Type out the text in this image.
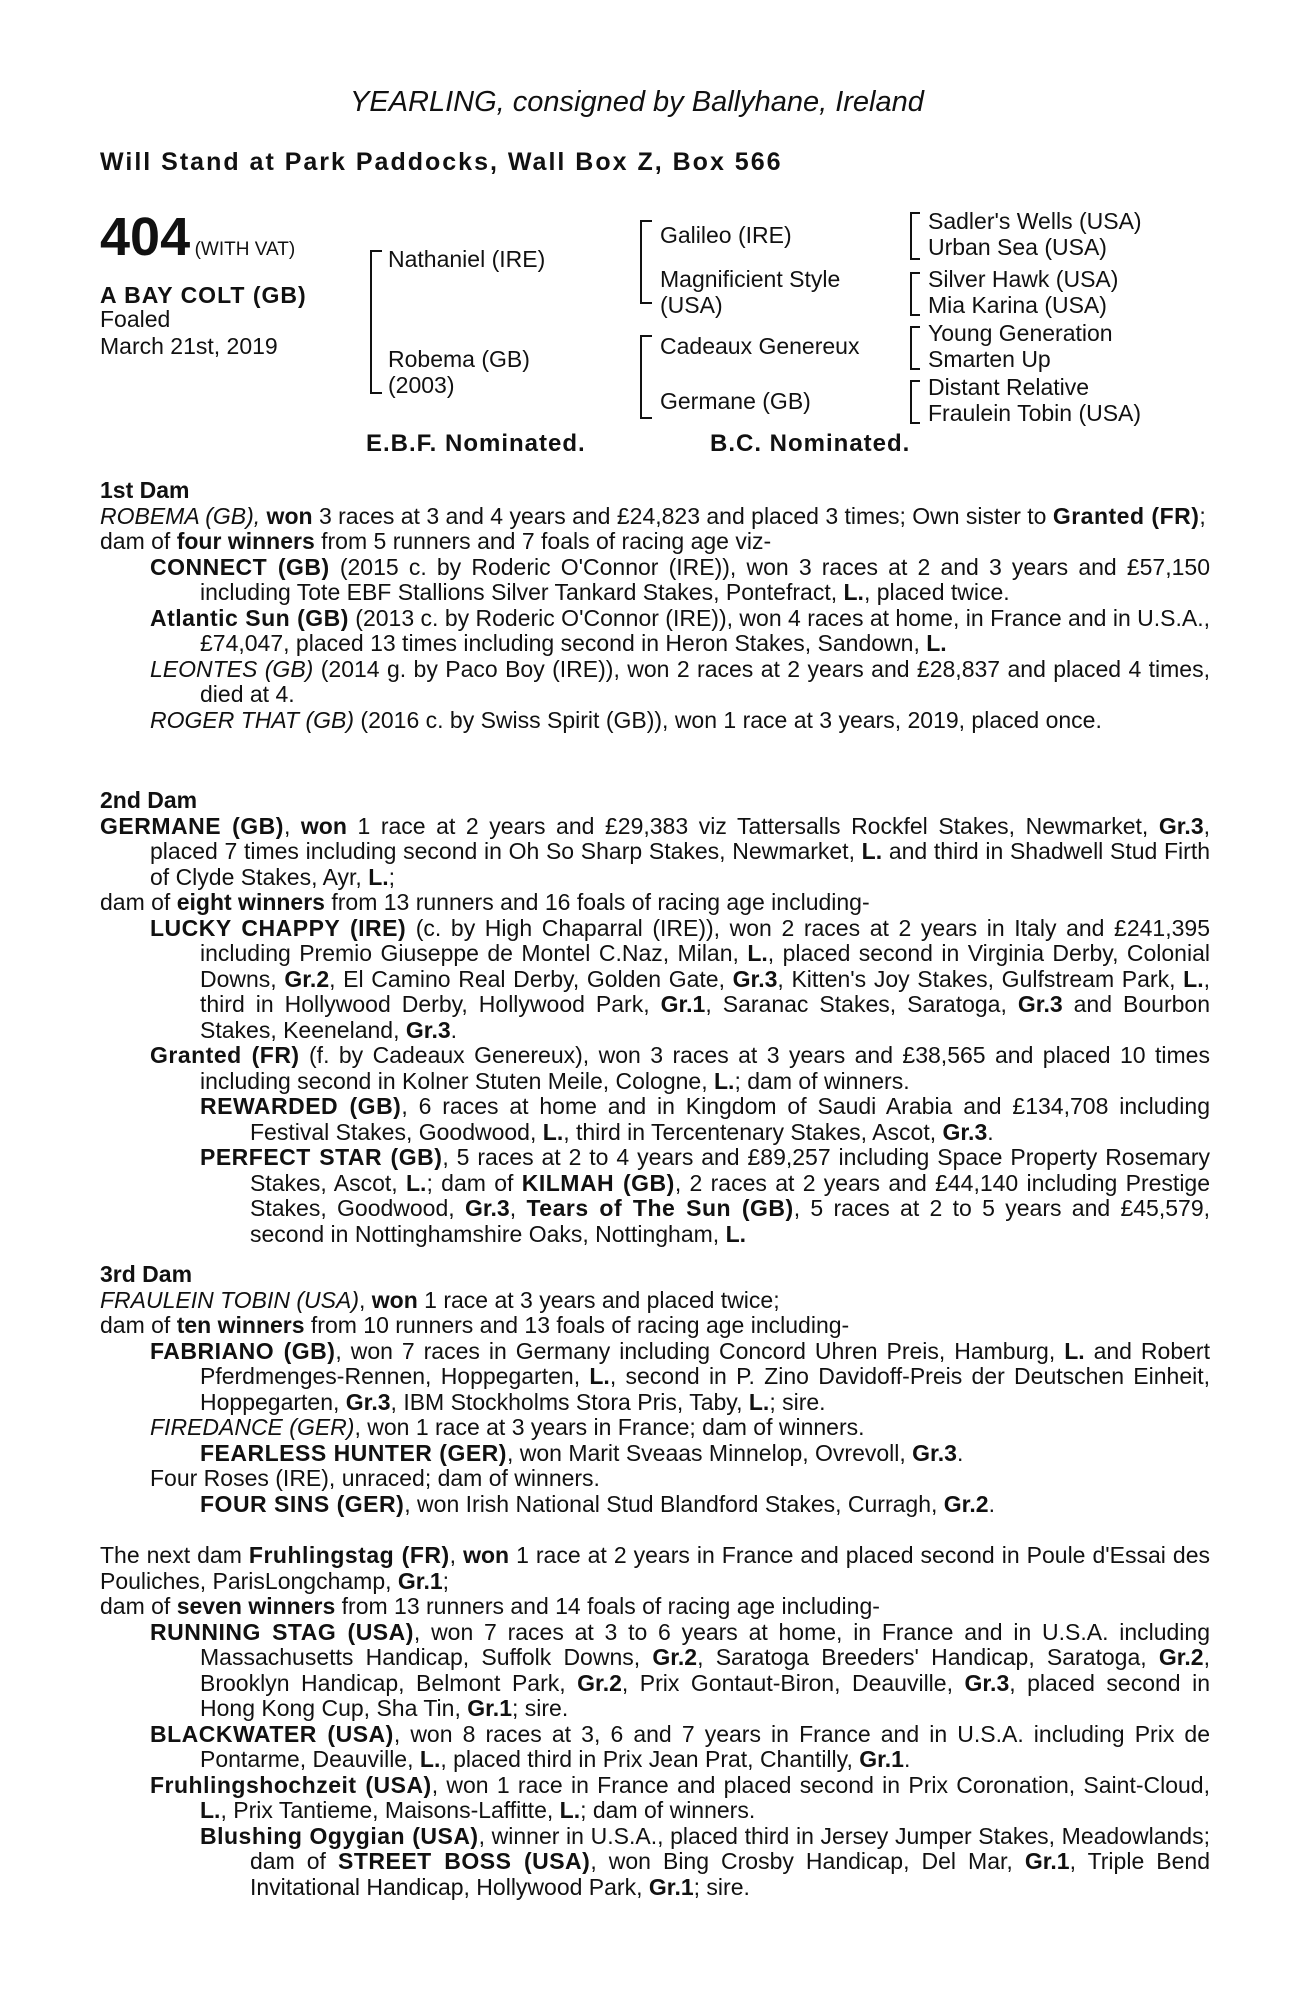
YEARLING, consigned by Ballyhane, Ireland
Will Stand at Park Paddocks, Wall Box Z, Box 566
404 (WITH VAT)
A BAY COLT (GB)
Foaled
March 21st, 2019
Nathaniel (IRE)
Robema (GB)
(2003)
Galileo (IRE)
Magnificient Style
(USA)
Cadeaux Genereux
Germane (GB)
Sadler's Wells (USA)
Urban Sea (USA)
Silver Hawk (USA)
Mia Karina (USA)
Young Generation
Smarten Up
Distant Relative
Fraulein Tobin (USA)
E.B.F. Nominated.	B.C. Nominated.
1st Dam

ROBEMA (GB), won 3 races at 3 and 4 years and £24,823 and placed 3 times; Own sister to Granted (FR);

dam of four winners from 5 runners and 7 foals of racing age viz-

CONNECT (GB) (2015 c. by Roderic O'Connor (IRE)), won 3 races at 2 and 3 years and £57,150 including Tote EBF Stallions Silver Tankard Stakes, Pontefract, L., placed twice.

Atlantic Sun (GB) (2013 c. by Roderic O'Connor (IRE)), won 4 races at home, in France and in U.S.A., £74,047, placed 13 times including second in Heron Stakes, Sandown, L.

LEONTES (GB) (2014 g. by Paco Boy (IRE)), won 2 races at 2 years and £28,837 and placed 4 times, died at 4.

ROGER THAT (GB) (2016 c. by Swiss Spirit (GB)), won 1 race at 3 years, 2019, placed once.

2nd Dam

GERMANE (GB), won 1 race at 2 years and £29,383 viz Tattersalls Rockfel Stakes, Newmarket, Gr.3, placed 7 times including second in Oh So Sharp Stakes, Newmarket, L. and third in Shadwell Stud Firth of Clyde Stakes, Ayr, L.;

dam of eight winners from 13 runners and 16 foals of racing age including-

LUCKY CHAPPY (IRE) (c. by High Chaparral (IRE)), won 2 races at 2 years in Italy and £241,395 including Premio Giuseppe de Montel C.Naz, Milan, L., placed second in Virginia Derby, Colonial Downs, Gr.2, El Camino Real Derby, Golden Gate, Gr.3, Kitten's Joy Stakes, Gulfstream Park, L., third in Hollywood Derby, Hollywood Park, Gr.1, Saranac Stakes, Saratoga, Gr.3 and Bourbon Stakes, Keeneland, Gr.3.

Granted (FR) (f. by Cadeaux Genereux), won 3 races at 3 years and £38,565 and placed 10 times including second in Kolner Stuten Meile, Cologne, L.; dam of winners.

REWARDED (GB), 6 races at home and in Kingdom of Saudi Arabia and £134,708 including Festival Stakes, Goodwood, L., third in Tercentenary Stakes, Ascot, Gr.3.

PERFECT STAR (GB), 5 races at 2 to 4 years and £89,257 including Space Property Rosemary Stakes, Ascot, L.; dam of KILMAH (GB), 2 races at 2 years and £44,140 including Prestige Stakes, Goodwood, Gr.3, Tears of The Sun (GB), 5 races at 2 to 5 years and £45,579, second in Nottinghamshire Oaks, Nottingham, L.

3rd Dam

FRAULEIN TOBIN (USA), won 1 race at 3 years and placed twice;

dam of ten winners from 10 runners and 13 foals of racing age including-

FABRIANO (GB), won 7 races in Germany including Concord Uhren Preis, Hamburg, L. and Robert Pferdmenges-Rennen, Hoppegarten, L., second in P. Zino Davidoff-Preis der Deutschen Einheit, Hoppegarten, Gr.3, IBM Stockholms Stora Pris, Taby, L.; sire.

FIREDANCE (GER), won 1 race at 3 years in France; dam of winners.

FEARLESS HUNTER (GER), won Marit Sveaas Minnelop, Ovrevoll, Gr.3.

Four Roses (IRE), unraced; dam of winners.

FOUR SINS (GER), won Irish National Stud Blandford Stakes, Curragh, Gr.2.

The next dam Fruhlingstag (FR), won 1 race at 2 years in France and placed second in Poule d'Essai des Pouliches, ParisLongchamp, Gr.1;

dam of seven winners from 13 runners and 14 foals of racing age including-

RUNNING STAG (USA), won 7 races at 3 to 6 years at home, in France and in U.S.A. including Massachusetts Handicap, Suffolk Downs, Gr.2, Saratoga Breeders' Handicap, Saratoga, Gr.2, Brooklyn Handicap, Belmont Park, Gr.2, Prix Gontaut-Biron, Deauville, Gr.3, placed second in Hong Kong Cup, Sha Tin, Gr.1; sire.

BLACKWATER (USA), won 8 races at 3, 6 and 7 years in France and in U.S.A. including Prix de Pontarme, Deauville, L., placed third in Prix Jean Prat, Chantilly, Gr.1.

Fruhlingshochzeit (USA), won 1 race in France and placed second in Prix Coronation, Saint-Cloud, L., Prix Tantieme, Maisons-Laffitte, L.; dam of winners.

Blushing Ogygian (USA), winner in U.S.A., placed third in Jersey Jumper Stakes, Meadowlands; dam of STREET BOSS (USA), won Bing Crosby Handicap, Del Mar, Gr.1, Triple Bend Invitational Handicap, Hollywood Park, Gr.1; sire.
